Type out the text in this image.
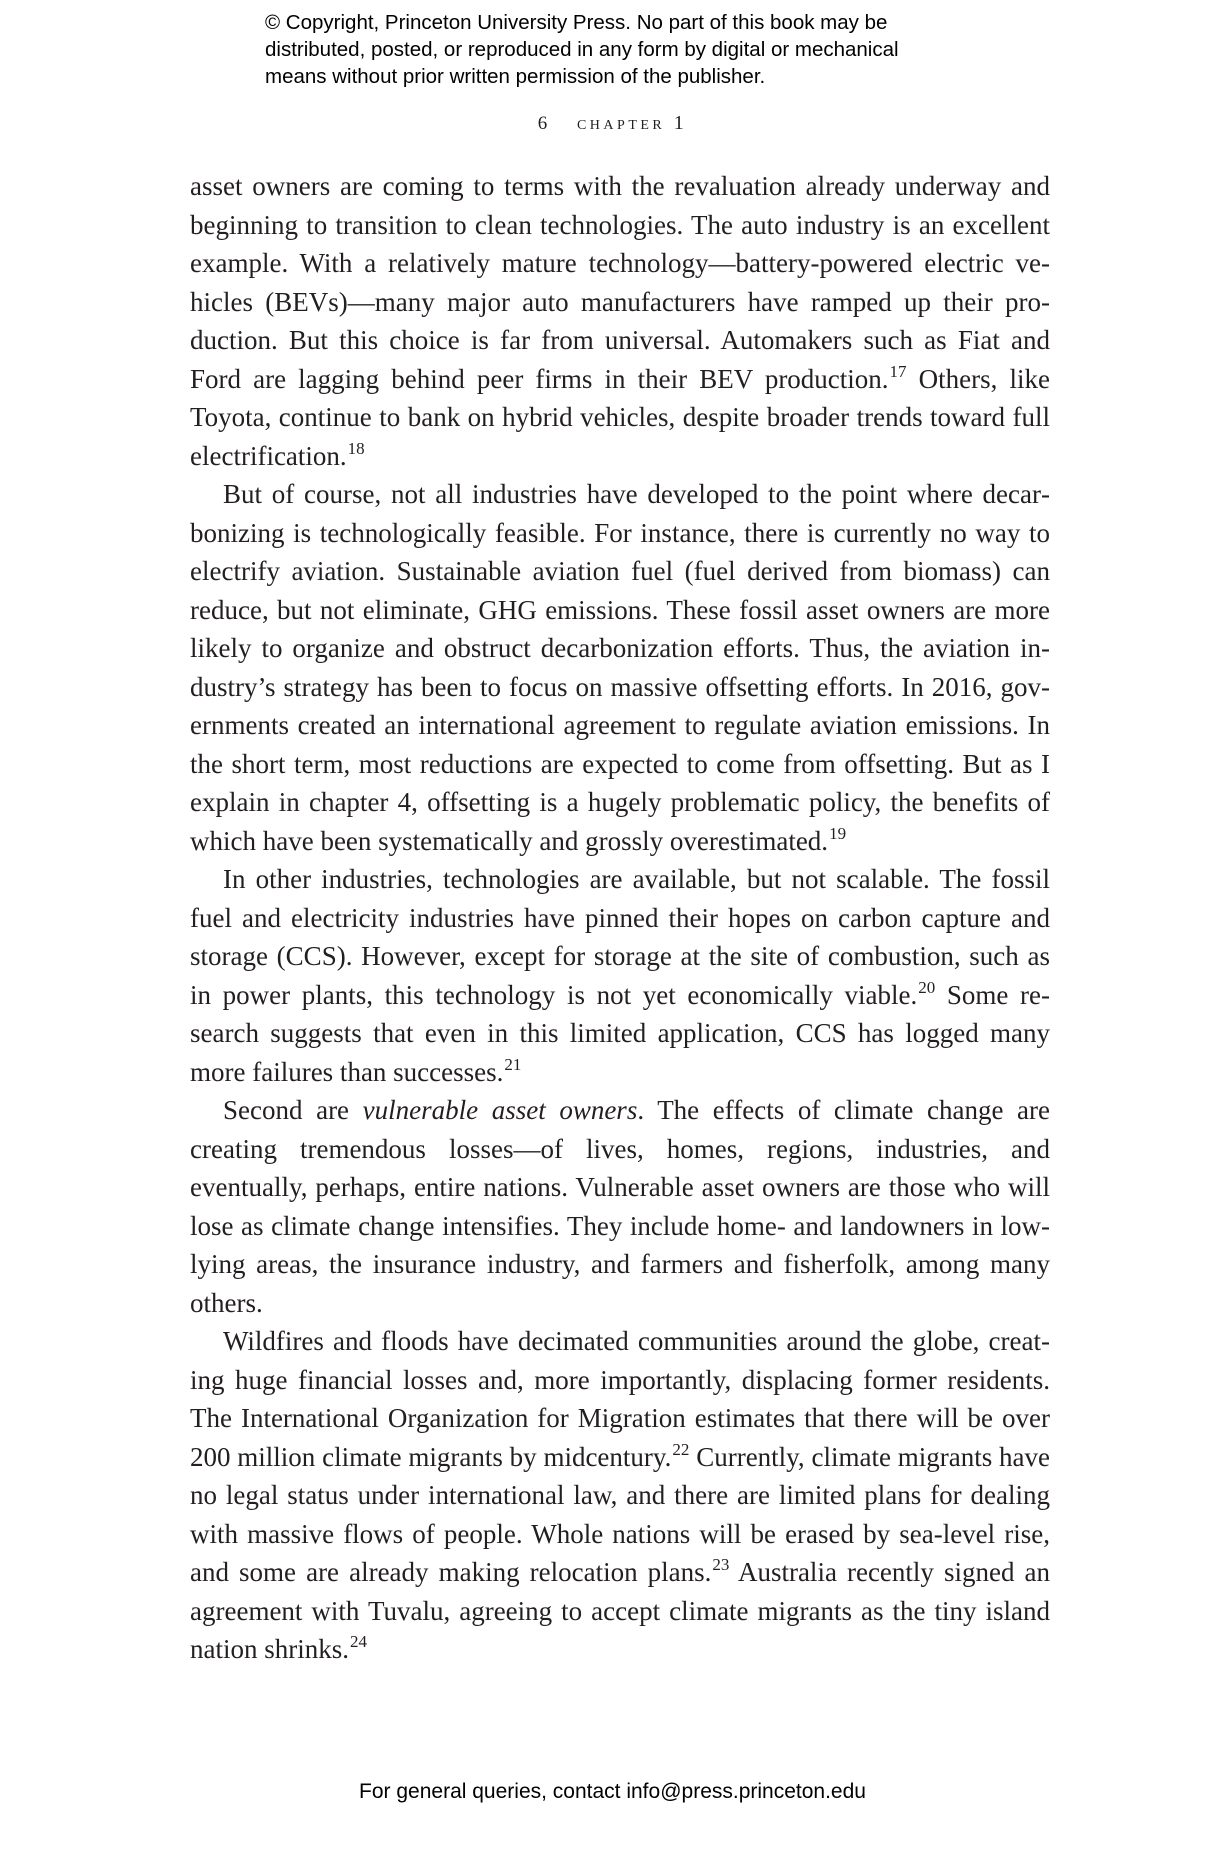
© Copyright, Princeton University Press. No part of this book may be
distributed, posted, or reproduced in any form by digital or mechanical
means without prior written permission of the publisher.
6 chapter 1

asset owners are coming to terms with the revaluation already underway and beginning to transition to clean technologies. The auto industry is an excellent example. With a relatively mature technology—battery-powered electric vehicles (BEVs)—many major auto manufacturers have ramped up their production. But this choice is far from universal. Automakers such as Fiat and Ford are lagging behind peer firms in their BEV production.$^{17}$ Others, like Toyota, continue to bank on hybrid vehicles, despite broader trends toward full electrification.$^{18}$

But of course, not all industries have developed to the point where decarbonizing is technologically feasible. For instance, there is currently no way to electrify aviation. Sustainable aviation fuel (fuel derived from biomass) can reduce, but not eliminate, GHG emissions. These fossil asset owners are more likely to organize and obstruct decarbonization efforts. Thus, the aviation industry’s strategy has been to focus on massive offsetting efforts. In 2016, governments created an international agreement to regulate aviation emissions. In the short term, most reductions are expected to come from offsetting. But as I explain in chapter 4, offsetting is a hugely problematic policy, the benefits of which have been systematically and grossly overestimated.$^{19}$

In other industries, technologies are available, but not scalable. The fossil fuel and electricity industries have pinned their hopes on carbon capture and storage (CCS). However, except for storage at the site of combustion, such as in power plants, this technology is not yet economically viable.$^{20}$ Some research suggests that even in this limited application, CCS has logged many more failures than successes.$^{21}$

Second are vulnerable asset owners. The effects of climate change are creating tremendous losses—of lives, homes, regions, industries, and eventually, perhaps, entire nations. Vulnerable asset owners are those who will lose as climate change intensifies. They include home- and landowners in low-lying areas, the insurance industry, and farmers and fisherfolk, among many others.

Wildfires and floods have decimated communities around the globe, creating huge financial losses and, more importantly, displacing former residents. The International Organization for Migration estimates that there will be over 200 million climate migrants by midcentury.$^{22}$ Currently, climate migrants have no legal status under international law, and there are limited plans for dealing with massive flows of people. Whole nations will be erased by sea-level rise, and some are already making relocation plans.$^{23}$ Australia recently signed an agreement with Tuvalu, agreeing to accept climate migrants as the tiny island nation shrinks.$^{24}$

For general queries, contact info@press.princeton.edu
